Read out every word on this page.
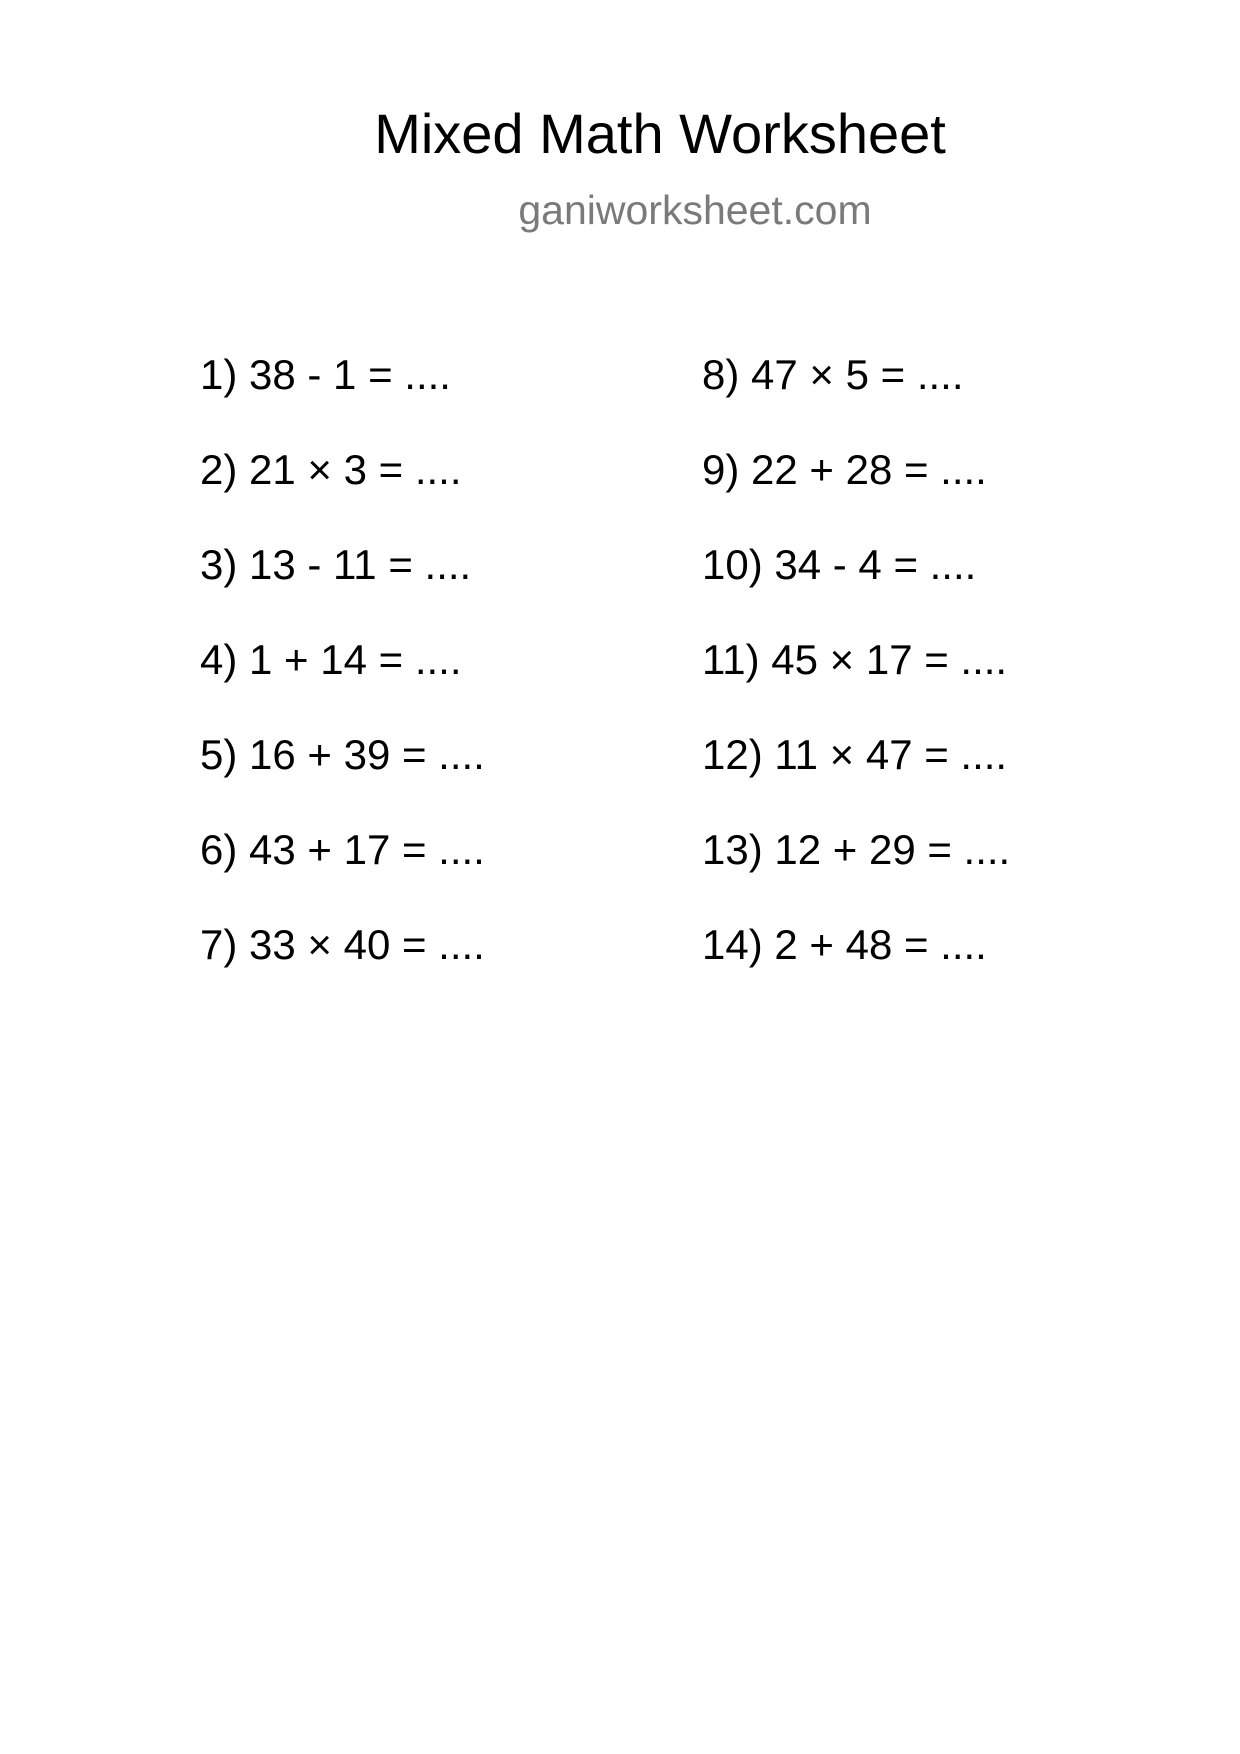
Mixed Math Worksheet
ganiworksheet.com
1) 38 - 1 = ....
2) 21 × 3 = ....
3) 13 - 11 = ....
4) 1 + 14 = ....
5) 16 + 39 = ....
6) 43 + 17 = ....
7) 33 × 40 = ....
8) 47 × 5 = ....
9) 22 + 28 = ....
10) 34 - 4 = ....
11) 45 × 17 = ....
12) 11 × 47 = ....
13) 12 + 29 = ....
14) 2 + 48 = ....
